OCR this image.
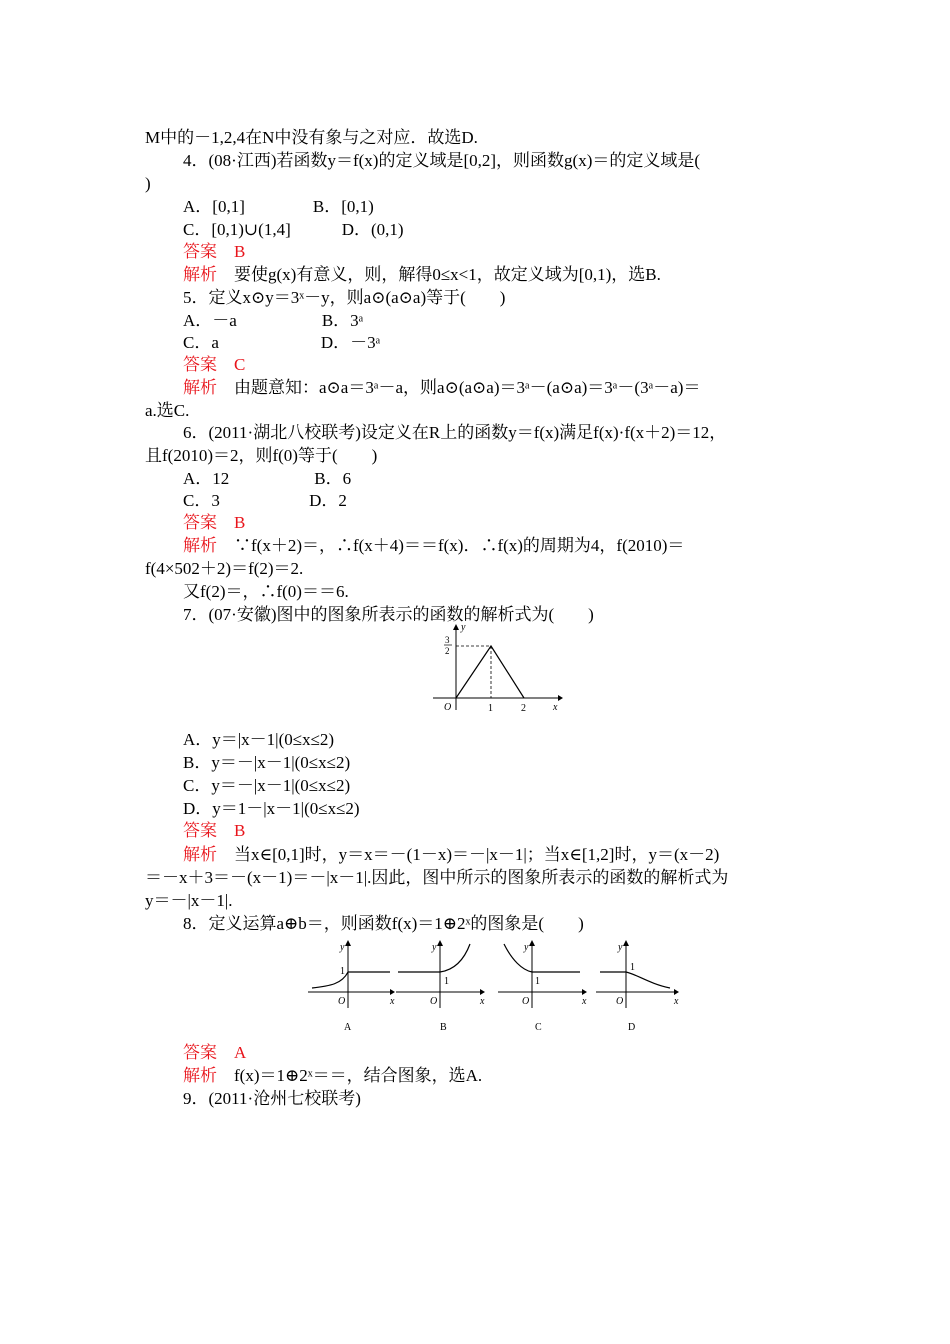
M中的－1,2,4在N中没有象与之对应．故选D.
4．(08·江西)若函数y＝f(x)的定义域是[0,2]，则函数g(x)＝的定义域是(
)
A．[0,1]　　　　B．[0,1)
C．[0,1)∪(1,4]　　　D．(0,1)
答案　B
解析　要使g(x)有意义，则，解得0≤x<1，故定义域为[0,1)，选B.
5．定义x⊙y＝3ˣ－y，则a⊙(a⊙a)等于(　　)
A．－a　　　　　B．3ᵃ
C．a　　　　　　D．－3ᵃ
答案　C
解析　由题意知：a⊙a＝3ᵃ－a，则a⊙(a⊙a)＝3ᵃ－(a⊙a)＝3ᵃ－(3ᵃ－a)＝
a.选C.
6．(2011·湖北八校联考)设定义在R上的函数y＝f(x)满足f(x)·f(x＋2)＝12，
且f(2010)＝2，则f(0)等于(　　)
A．12　　　　　B．6
C．3　　　　　 D．2
答案　B
解析　∵f(x＋2)＝，∴f(x＋4)＝＝f(x)．∴f(x)的周期为4，f(2010)＝
f(4×502＋2)＝f(2)＝2.
又f(2)＝，∴f(0)＝＝6.
7．(07·安徽)图中的图象所表示的函数的解析式为(　　)
y
x
O	1	2
3
2
A．y＝|x－1|(0≤x≤2)
B．y＝－|x－1|(0≤x≤2)
C．y＝－|x－1|(0≤x≤2)
D．y＝1－|x－1|(0≤x≤2)
答案　B
解析　当x∈[0,1]时，y＝x＝－(1－x)＝－|x－1|；当x∈[1,2]时，y＝(x－2)
＝－x＋3＝－(x－1)＝－|x－1|.因此，图中所示的图象所表示的函数的解析式为
y＝－|x－1|.
8．定义运算a⊕b＝，则函数f(x)＝1⊕2ˣ的图象是(　　)
y
x
O
1
A
y
x
O
1
B
y
x
O
1
C
y
x
O
1
D
答案　A
解析　f(x)＝1⊕2ˣ＝＝，结合图象，选A.
9．(2011·沧州七校联考)
